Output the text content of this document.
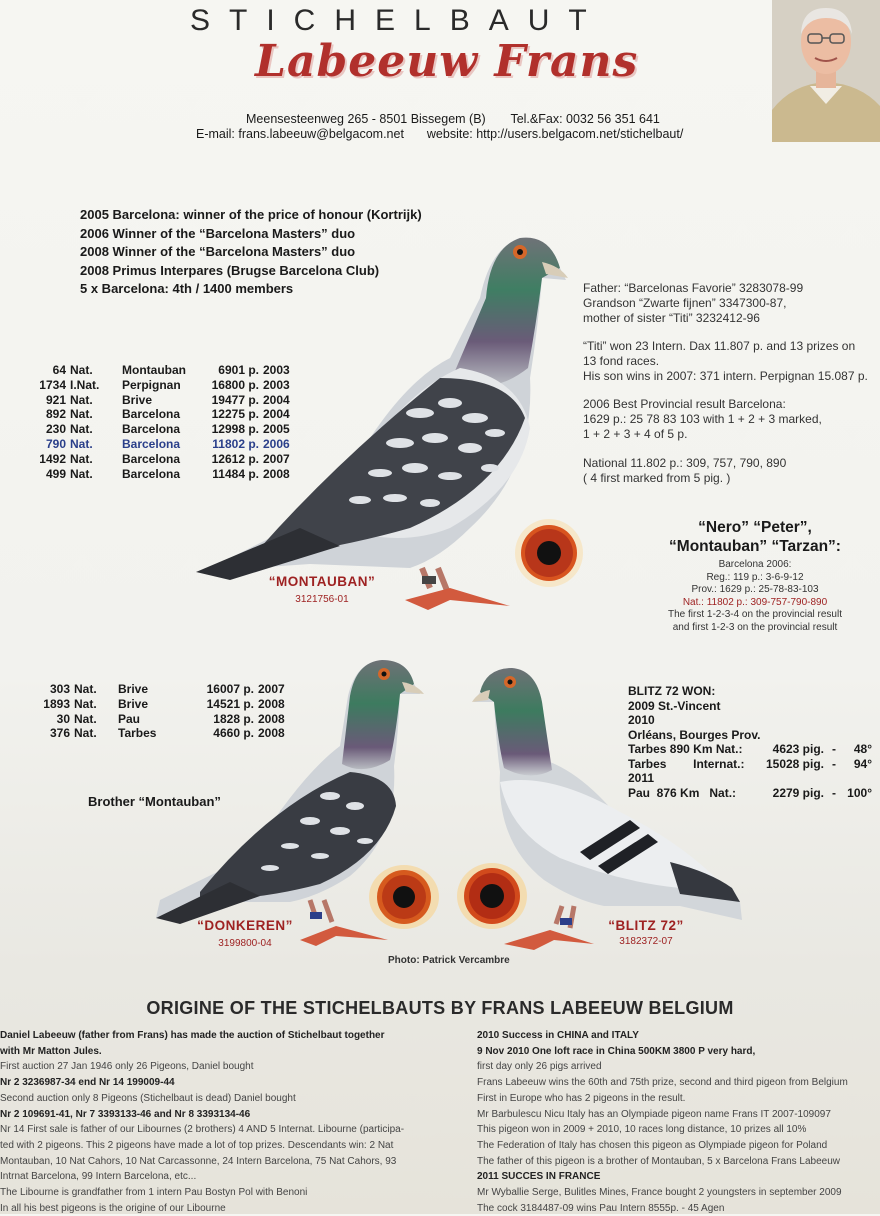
STICHELBAUT
Labeeuw Frans
Meensesteenweg 265 - 8501 Bissegem (B) Tel.&Fax: 0032 56 351 641
E-mail: frans.labeeuw@belgacom.net website: http://users.belgacom.net/stichelbaut/
2005 Barcelona: winner of the price of honour (Kortrijk)
2006 Winner of the “Barcelona Masters” duo
2008 Winner of the “Barcelona Masters” duo
2008 Primus Interpares (Brugse Barcelona Club)
5 x Barcelona: 4th / 1400 members
64	Nat.	Montauban	6901 p.	2003
1734	I.Nat.	Perpignan	16800 p.	2003
921	Nat.	Brive	19477 p.	2004
892	Nat.	Barcelona	12275 p.	2004
230	Nat.	Barcelona	12998 p.	2005
790	Nat.	Barcelona	11802 p.	2006
1492	Nat.	Barcelona	12612 p.	2007
499	Nat.	Barcelona	11484 p.	2008
“MONTAUBAN”
3121756-01
Father: “Barcelonas Favorie” 3283078-99
Grandson “Zwarte fijnen” 3347300-87,
mother of sister “Titi” 3232412-96
“Titi” won 23 Intern. Dax 11.807 p. and 13 prizes on
13 fond races.
His son wins in 2007: 371 intern. Perpignan 15.087 p.
2006 Best Provincial result Barcelona:
1629 p.: 25 78 83 103 with 1 + 2 + 3 marked,
1 + 2 + 3 + 4 of 5 p.
National 11.802 p.: 309, 757, 790, 890
( 4 first marked from 5 pig. )
“Nero” “Peter”,
“Montauban” “Tarzan”:
Barcelona 2006:
Reg.: 119 p.: 3-6-9-12
Prov.: 1629 p.: 25-78-83-103
Nat.: 11802 p.: 309-757-790-890
The first 1-2-3-4 on the provincial result
and first 1-2-3 on the provincial result
303	Nat.	Brive	16007 p.	2007
1893	Nat.	Brive	14521 p.	2008
30	Nat.	Pau	1828 p.	2008
376	Nat.	Tarbes	4660 p.	2008
Brother “Montauban”
“DONKEREN”
3199800-04
“BLITZ 72”
3182372-07
Photo: Patrick Vercambre
BLITZ 72 WON:
2009 St.-Vincent
2010
Orléans, Bourges Prov.
Tarbes 890 Km Nat.:	4623 pig.	-	48°
Tarbes        Internat.:	15028 pig.	-	94°
2011
Pau  876 Km   Nat.:	2279 pig.	-	100°
ORIGINE OF THE STICHELBAUTS BY FRANS LABEEUW BELGIUM
Daniel Labeeuw (father from Frans) has made the auction of Stichelbaut together
with Mr Matton Jules.
First auction 27 Jan 1946 only 26 Pigeons, Daniel bought
Nr 2 3236987-34 end Nr 14 199009-44
Second auction only 8 Pigeons (Stichelbaut is dead) Daniel bought
Nr 2 109691-41, Nr 7 3393133-46 and Nr 8 3393134-46
Nr 14 First sale is father of our Libournes (2 brothers) 4 AND 5 Internat. Libourne (participa-
ted with 2 pigeons. This 2 pigeons have made a lot of top prizes. Descendants win: 2 Nat
Montauban, 10 Nat Cahors, 10 Nat Carcassonne, 24 Intern Barcelona, 75 Nat Cahors, 93
Intrnat Barcelona, 99 Intern Barcelona, etc...
The Libourne is grandfather from 1 intern Pau Bostyn Pol with Benoni
In all his best pigeons is the origine of our Libourne
2010 Success in CHINA and ITALY
9 Nov 2010 One loft race in China 500KM 3800 P very hard,
first day only 26 pigs arrived
Frans Labeeuw wins the 60th and 75th prize, second and third pigeon from Belgium
First in Europe who has 2 pigeons in the result.
Mr Barbulescu Nicu Italy has an Olympiade pigeon name Frans IT 2007-109097
This pigeon won in 2009 + 2010, 10 races long distance, 10 prizes all 10%
The Federation of Italy has chosen this pigeon as Olympiade pigeon for Poland
The father of this pigeon is a brother of Montauban, 5 x Barcelona Frans Labeeuw
2011 SUCCES IN FRANCE
Mr Wyballie Serge, Bulitles Mines, France bought 2 youngsters in september 2009
The cock 3184487-09 wins Pau Intern 8555p. - 45 Agen
